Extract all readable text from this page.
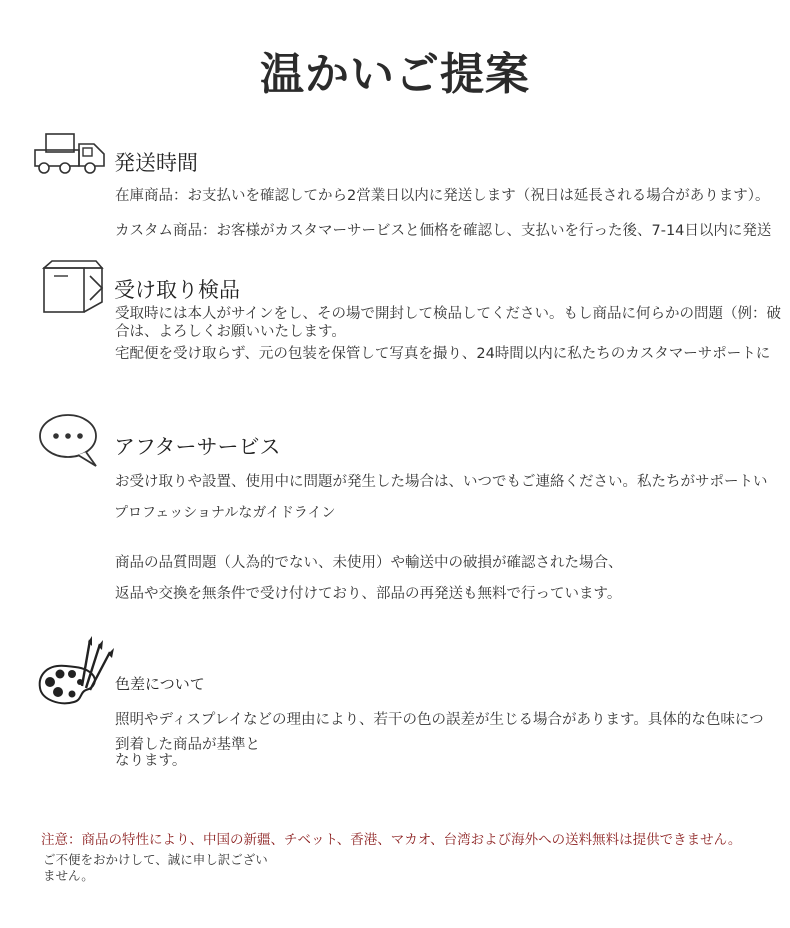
温かいご提案
発送時間
在庫商品：お支払いを確認してから2営業日以内に発送します（祝日は延長される場合があります）。
カスタム商品：お客様がカスタマーサービスと価格を確認し、支払いを行った後、7-14日以内に発送
受け取り検品
受取時には本人がサインをし、その場で開封して検品してください。もし商品に何らかの問題（例：破
合は、よろしくお願いいたします。
宅配便を受け取らず、元の包装を保管して写真を撮り、24時間以内に私たちのカスタマーサポートに
アフターサービス
お受け取りや設置、使用中に問題が発生した場合は、いつでもご連絡ください。私たちがサポートい
プロフェッショナルなガイドライン
商品の品質問題（人為的でない、未使用）や輸送中の破損が確認された場合、
返品や交換を無条件で受け付けており、部品の再発送も無料で行っています。
色差について
照明やディスプレイなどの理由により、若干の色の誤差が生じる場合があります。具体的な色味につ
到着した商品が基準と
なります。
注意：商品の特性により、中国の新疆、チベット、香港、マカオ、台湾および海外への送料無料は提供できません。
ご不便をおかけして、誠に申し訳ござい
ません。
